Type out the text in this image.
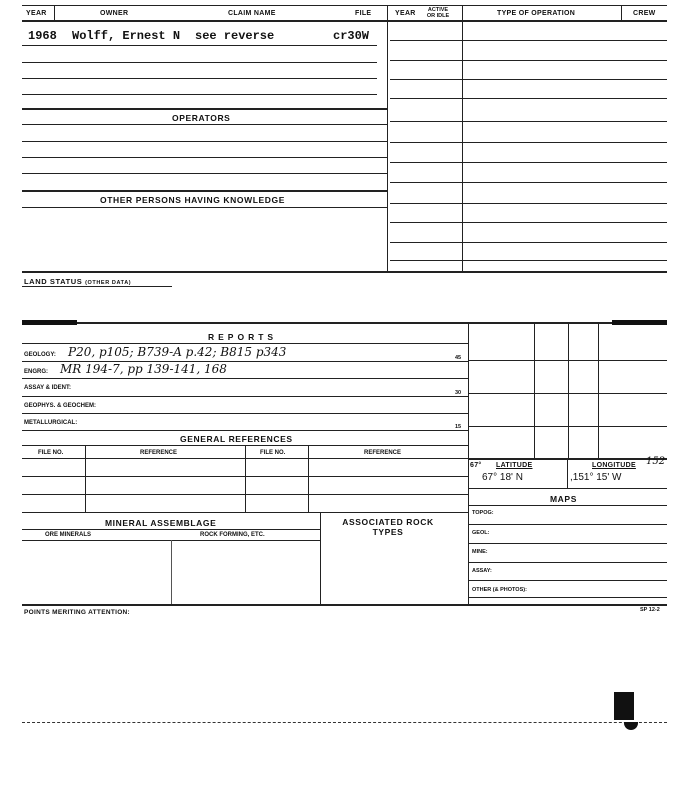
YEAR	OWNER	CLAIM NAME	FILE	YEAR	ACTIVE OR IDLE	TYPE OF OPERATION	CREW
1968 Wolff, Ernest N see reverse	cr30W
OPERATORS
OTHER PERSONS HAVING KNOWLEDGE
LAND STATUS (OTHER DATA)
REPORTS
GEOLOGY: P20, p105; B739-A p.42; B815 p343
ENGRG: MR 194-7, pp 139-141, 168
ASSAY & IDENT:
GEOPHYS. & GEOCHEM:
METALLURGICAL:
45
30
15
GENERAL REFERENCES
FILE NO.	REFERENCE	FILE NO.	REFERENCE
MINERAL ASSEMBLAGE
ORE MINERALS	ROCK FORMING, ETC.
ASSOCIATED ROCK TYPES
67° LATITUDE	LONGITUDE 152
67° 18' N	,151° 15' W
MAPS
TOPOG:
GEOL:
MINE:
ASSAY:
OTHER (& PHOTOS):
POINTS MERITING ATTENTION:	SP 12-2
